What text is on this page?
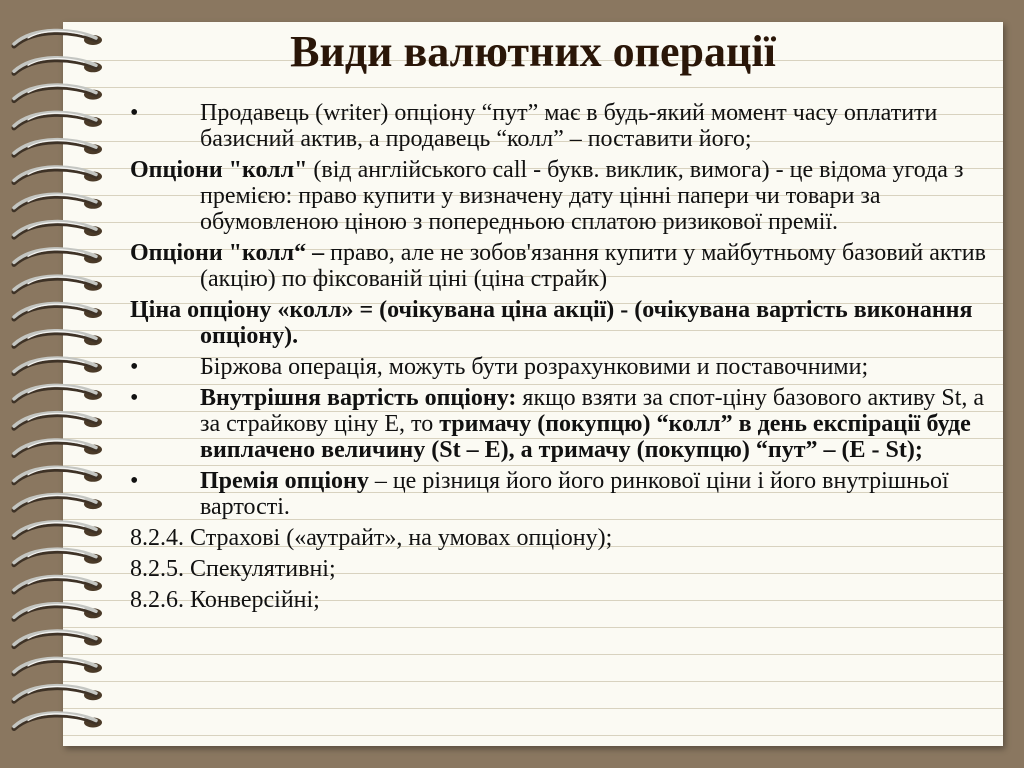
Види валютних операції

•	Продавець (writer) опціону “пут” має в будь-який момент часу оплатити базисний актив, а продавець “колл” – поставити його;

Опціони "колл" (від англійського call - букв. виклик, вимога) - це відома угода з премією: право купити у визначену дату цінні папери чи товари за обумовленою ціною з попередньою сплатою ризикової премії.

Опціони "колл“ – право, але не зобов'язання купити у майбутньому базовий актив (акцію) по фіксованій ціні (ціна страйк)

Ціна опціону «колл» = (очікувана ціна акції) - (очікувана вартість виконання опціону).

•	Біржова операція, можуть бути розрахунковими и поставочними;

•	Внутрішня вартість опціону: якщо взяти за спот-ціну базового активу St, а за страйкову ціну Е, то тримачу (покупцю) “колл” в день експірації буде виплачено величину (St – E), а тримачу (покупцю) “пут” – (E - St);

•	Премія опціону – це різниця його його ринкової ціни і його внутрішньої вартості.

8.2.4. Страхові («аутрайт», на умовах опціону);

8.2.5. Спекулятивні;

8.2.6. Конверсійні;
